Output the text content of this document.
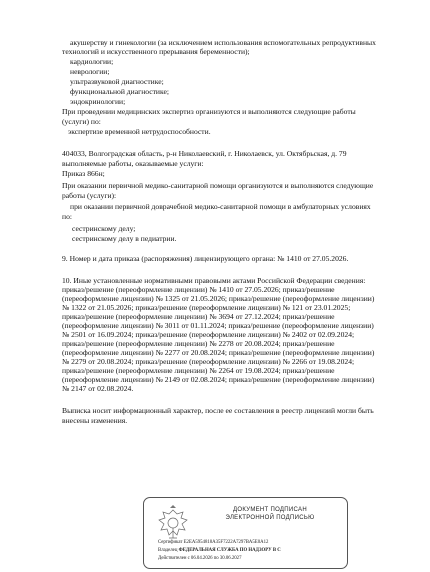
акушерству и гинекологии (за исключением использования вспомогательных репродуктивных

технологий и искусственного прерывания беременности);

кардиологии;

неврологии;

ультразвуковой диагностике;

функциональной диагностике;

эндокринологии;

При проведении медицинских экспертиз организуются и выполняются следующие работы

(услуги) по:

экспертизе временной нетрудоспособности.

404033, Волгоградская область, р-н Николаевский, г. Николаевск, ул. Октябрьская, д. 79

выполняемые работы, оказываемые услуги:

Приказ 866н;

При оказании первичной медико-санитарной помощи организуются и выполняются следующие

работы (услуги):

при оказании первичной доврачебной медико-санитарной помощи в амбулаторных условиях

по:

сестринскому делу;

сестринскому делу в педиатрии.

9. Номер и дата приказа (распоряжения) лицензирующего органа: № 1410 от 27.05.2026.

10. Иные установленные нормативными правовыми актами Российской Федерации сведения:

приказ/решение (переоформление лицензии) № 1410 от 27.05.2026; приказ/решение

(переоформление лицензии) № 1325 от 21.05.2026; приказ/решение (переоформление лицензии)

№ 1322 от 21.05.2026; приказ/решение (переоформление лицензии) № 121 от 23.01.2025;

приказ/решение (переоформление лицензии) № 3694 от 27.12.2024; приказ/решение

(переоформление лицензии) № 3011 от 01.11.2024; приказ/решение (переоформление лицензии)

№ 2501 от 16.09.2024; приказ/решение (переоформление лицензии) № 2402 от 02.09.2024;

приказ/решение (переоформление лицензии) № 2278 от 20.08.2024; приказ/решение

(переоформление лицензии) № 2277 от 20.08.2024; приказ/решение (переоформление лицензии)

№ 2279 от 20.08.2024; приказ/решение (переоформление лицензии) № 2266 от 19.08.2024;

приказ/решение (переоформление лицензии) № 2264 от 19.08.2024; приказ/решение

(переоформление лицензии) № 2149 от 02.08.2024; приказ/решение (переоформление лицензии)

№ 2147 от 02.08.2024.

Выписка носит информационный характер, после ее составления в реестр лицензий могли быть

внесены изменения.

ДОКУМЕНТ ПОДПИСАН
ЭЛЕКТРОННОЙ ПОДПИСЬЮ
Сертификат E2EA5954818A35F7222A7297BA5E0A12
Владелец ФЕДЕРАЛЬНАЯ СЛУЖБА ПО НАДЗОРУ В С
Действителен с 06.04.2026 по 30.06.2027
